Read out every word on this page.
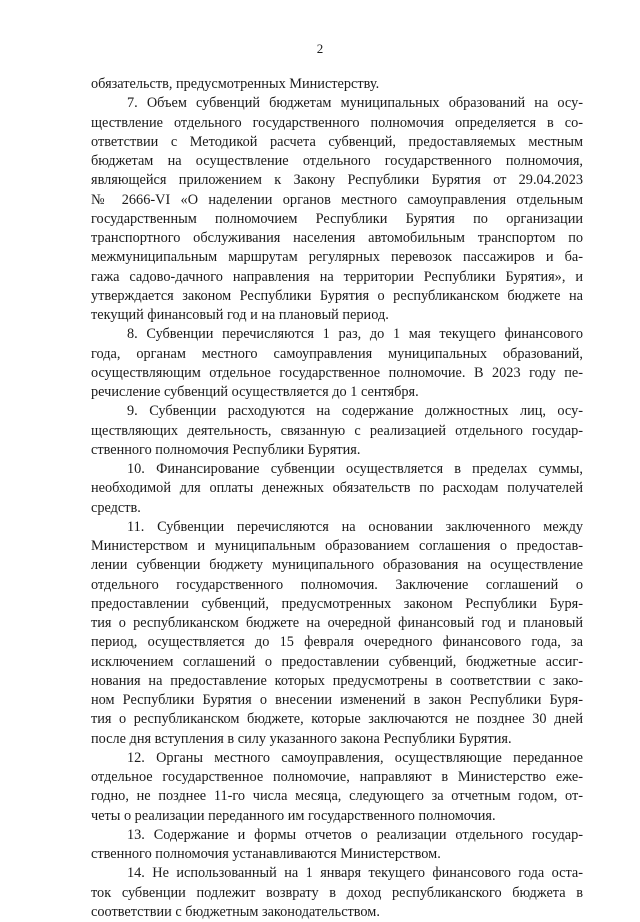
2
обязательств, предусмотренных Министерству.
7. Объем субвенций бюджетам муниципальных образований на осу-
ществление отдельного государственного полномочия определяется в со-
ответствии с Методикой расчета субвенций, предоставляемых местным
бюджетам на осуществление отдельного государственного полномочия,
являющейся приложением к Закону Республики Бурятия от 29.04.2023
№ 2666-VI «О наделении органов местного самоуправления отдельным
государственным полномочием Республики Бурятия по организации
транспортного обслуживания населения автомобильным транспортом по
межмуниципальным маршрутам регулярных перевозок пассажиров и ба-
гажа садово-дачного направления на территории Республики Бурятия», и
утверждается законом Республики Бурятия о республиканском бюджете на
текущий финансовый год и на плановый период.
8. Субвенции перечисляются 1 раз, до 1 мая текущего финансового
года, органам местного самоуправления муниципальных образований,
осуществляющим отдельное государственное полномочие. В 2023 году пе-
речисление субвенций осуществляется до 1 сентября.
9. Субвенции расходуются на содержание должностных лиц, осу-
ществляющих деятельность, связанную с реализацией отдельного государ-
ственного полномочия Республики Бурятия.
10. Финансирование субвенции осуществляется в пределах суммы,
необходимой для оплаты денежных обязательств по расходам получателей
средств.
11. Субвенции перечисляются на основании заключенного между
Министерством и муниципальным образованием соглашения о предостав-
лении субвенции бюджету муниципального образования на осуществление
отдельного государственного полномочия. Заключение соглашений о
предоставлении субвенций, предусмотренных законом Республики Буря-
тия о республиканском бюджете на очередной финансовый год и плановый
период, осуществляется до 15 февраля очередного финансового года, за
исключением соглашений о предоставлении субвенций, бюджетные ассиг-
нования на предоставление которых предусмотрены в соответствии с зако-
ном Республики Бурятия о внесении изменений в закон Республики Буря-
тия о республиканском бюджете, которые заключаются не позднее 30 дней
после дня вступления в силу указанного закона Республики Бурятия.
12. Органы местного самоуправления, осуществляющие переданное
отдельное государственное полномочие, направляют в Министерство еже-
годно, не позднее 11-го числа месяца, следующего за отчетным годом, от-
четы о реализации переданного им государственного полномочия.
13. Содержание и формы отчетов о реализации отдельного государ-
ственного полномочия устанавливаются Министерством.
14. Не использованный на 1 января текущего финансового года оста-
ток субвенции подлежит возврату в доход республиканского бюджета в
соответствии с бюджетным законодательством.
